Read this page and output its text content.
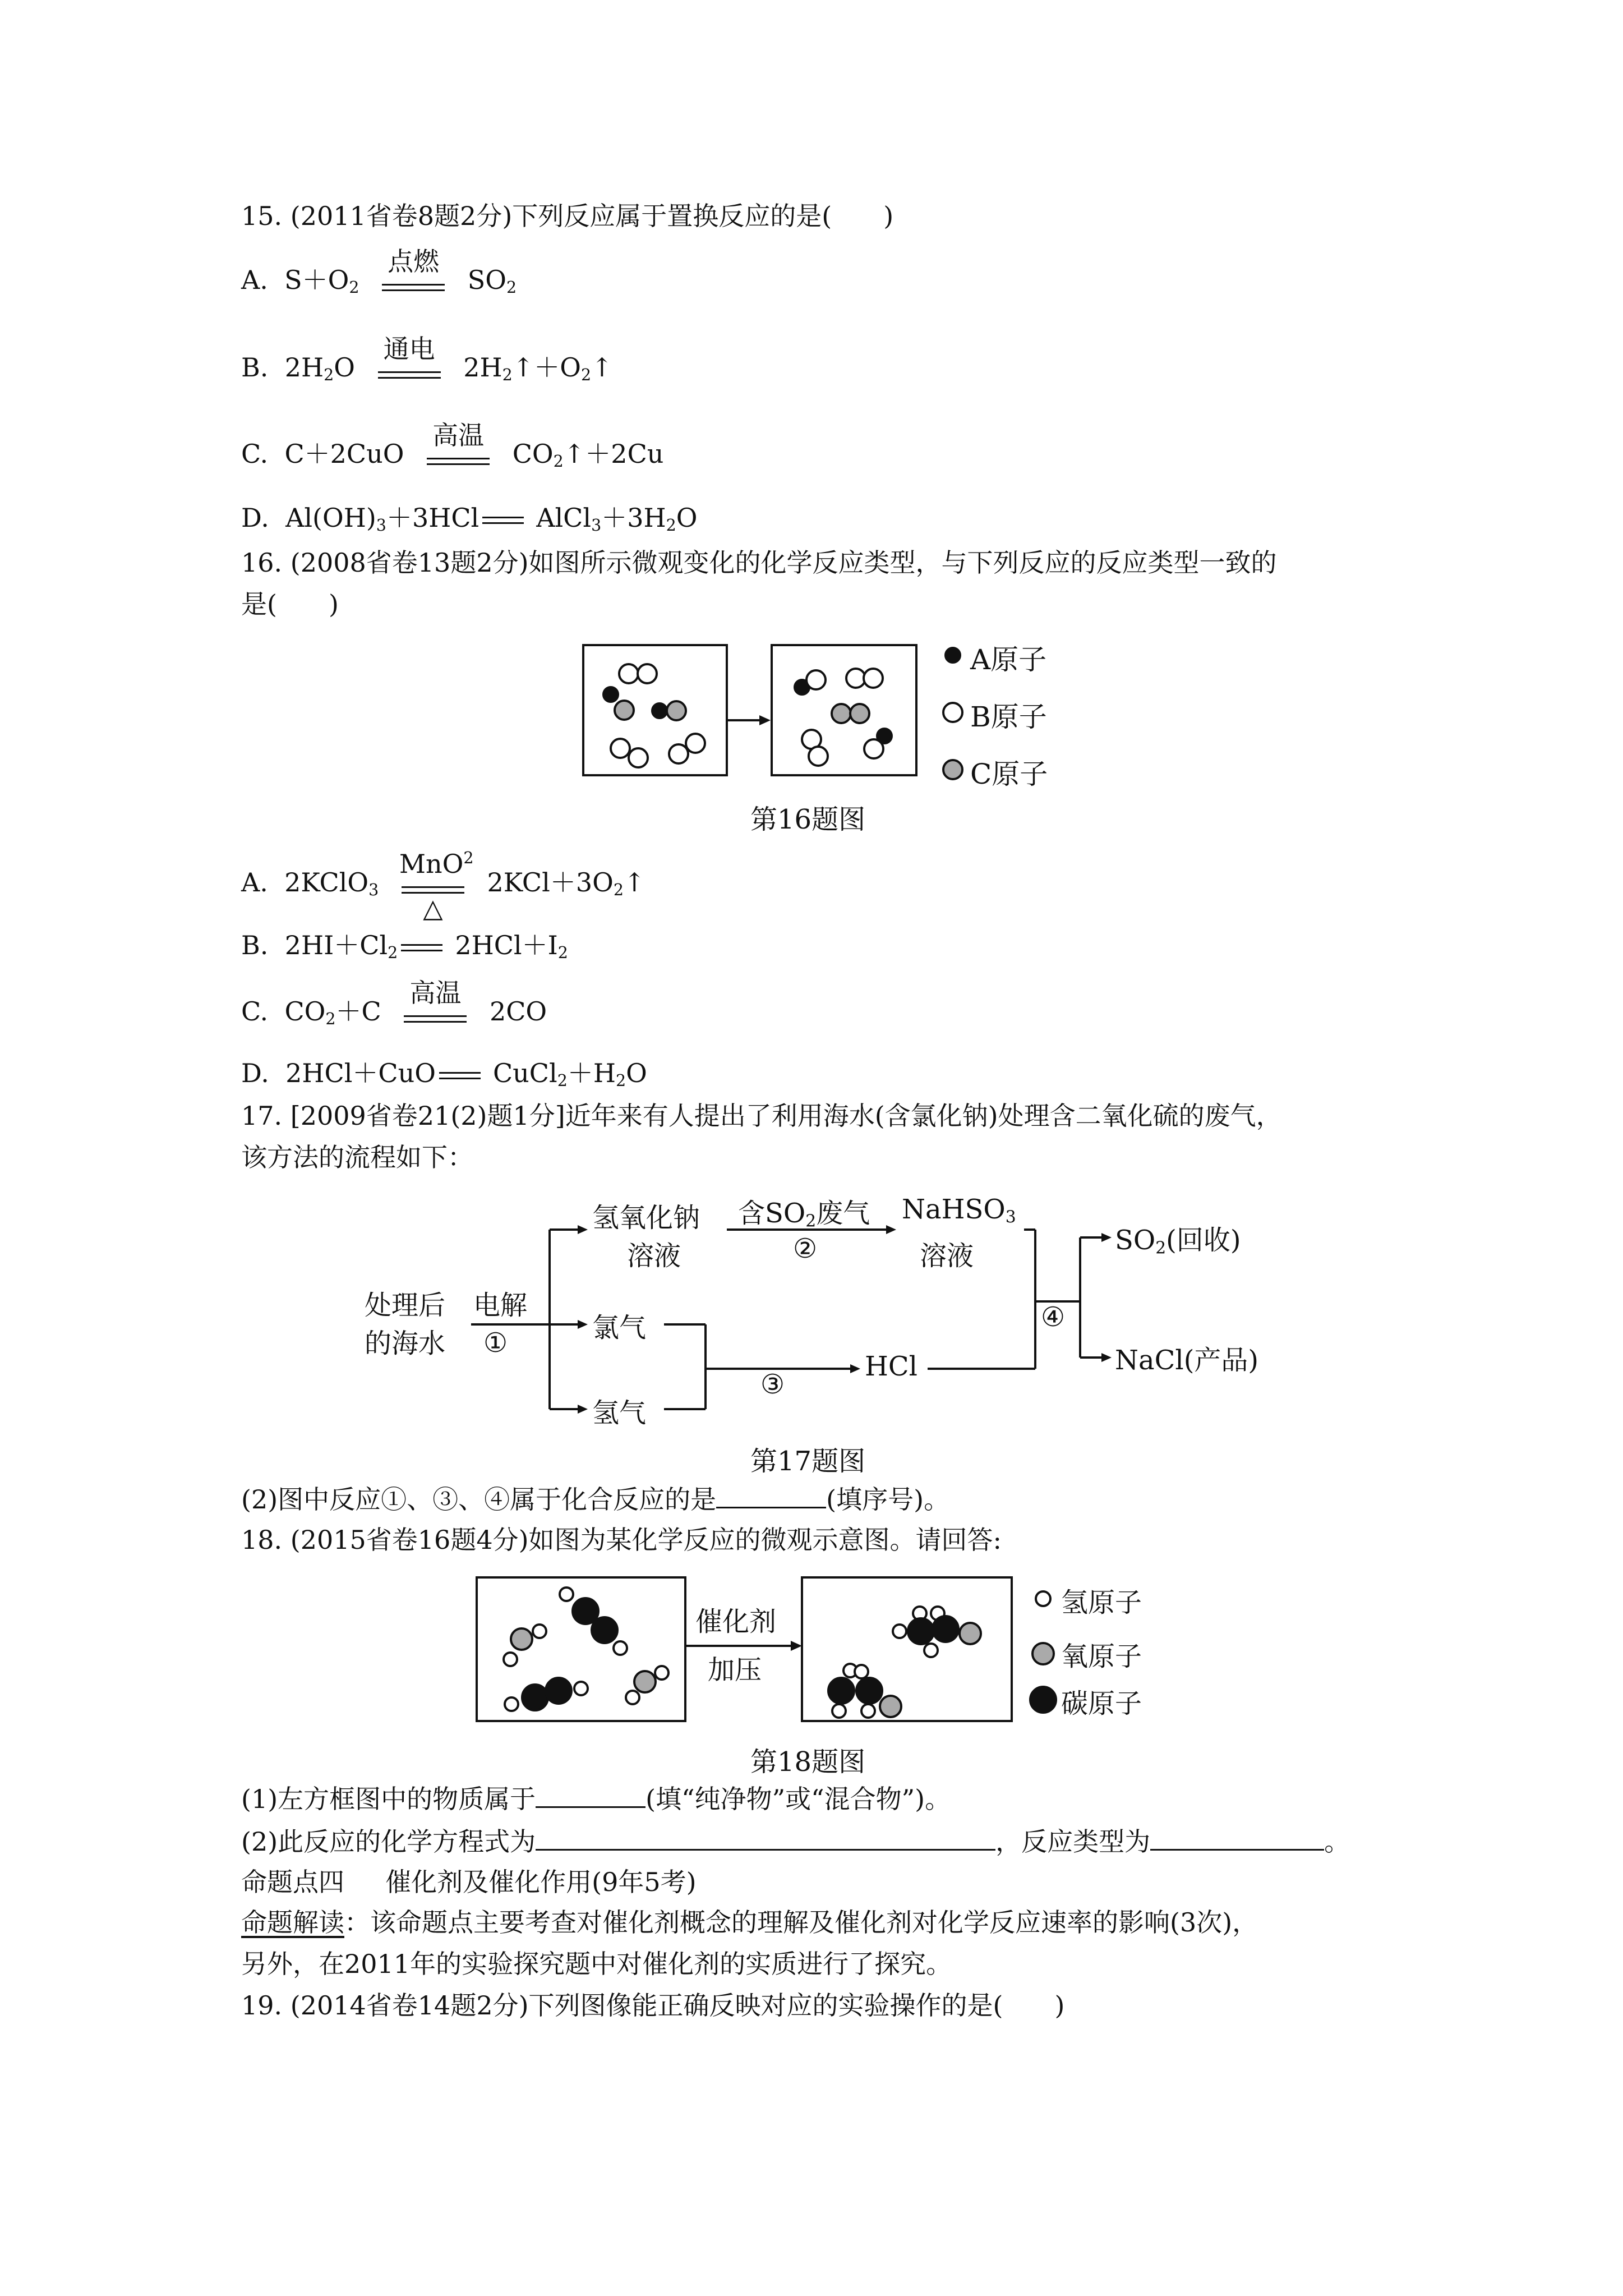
15. (2011省卷8题2分)下列反应属于置换反应的是(　　)
A. $S+O_2$
点燃
$SO_2$
B. $2H_2O$
通电
$2H_2↑+O_2↑$
C. C＋2CuO
高温
$CO_2↑+2Cu$
D. $Al(OH)_3+3HCl$ $AlCl_3+3H_2O$
16. (2008省卷13题2分)如图所示微观变化的化学反应类型，与下列反应的反应类型一致的
是(　　)
A原子
B原子
C原子
第16题图
A. 2KClO$_3$
MnO$^2$
△
$2KCl+3O_2↑$
B. $2HI+Cl_2$ $2HCl+I_2$
C. $CO_2+C$
高温
2CO
D. 2HCl＋CuO $CuCl_2+H_2O$
17. [2009省卷21(2)题1分]近年来有人提出了利用海水(含氯化钠)处理含二氧化硫的废气，
该方法的流程如下：
处理后
的海水
电解
①
氢氧化钠
溶液
含$SO_2$废气
②
NaHSO$_3$
溶液
氯气
氢气
③
HCl
④
$SO_2$(回收)
NaCl(产品)
第17题图
(2)图中反应①、③、④属于化合反应的是	(填序号)。
18. (2015省卷16题4分)如图为某化学反应的微观示意图。请回答:
催化剂
加压
氢原子
氧原子
碳原子
第18题图
(1)左方框图中的物质属于	(填“纯净物”或“混合物”)。
(2)此反应的化学方程式为	，反应类型为	。
命题点四 催化剂及催化作用(9年5考)
命题解读：该命题点主要考查对催化剂概念的理解及催化剂对化学反应速率的影响(3次)，
另外，在2011年的实验探究题中对催化剂的实质进行了探究。
19. (2014省卷14题2分)下列图像能正确反映对应的实验操作的是(　　)
